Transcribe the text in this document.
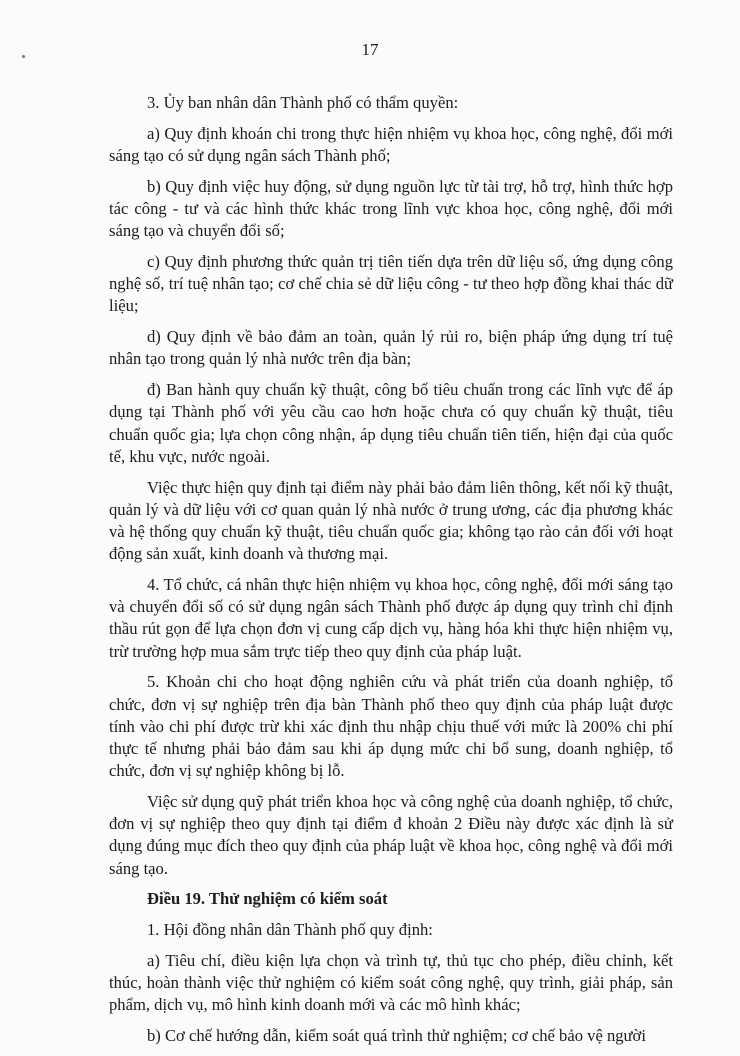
17

3. Ủy ban nhân dân Thành phố có thẩm quyền:

a) Quy định khoán chi trong thực hiện nhiệm vụ khoa học, công nghệ, đổi mới sáng tạo có sử dụng ngân sách Thành phố;

b) Quy định việc huy động, sử dụng nguồn lực từ tài trợ, hỗ trợ, hình thức hợp tác công - tư và các hình thức khác trong lĩnh vực khoa học, công nghệ, đổi mới sáng tạo và chuyển đổi số;

c) Quy định phương thức quản trị tiên tiến dựa trên dữ liệu số, ứng dụng công nghệ số, trí tuệ nhân tạo; cơ chế chia sẻ dữ liệu công - tư theo hợp đồng khai thác dữ liệu;

d) Quy định về bảo đảm an toàn, quản lý rủi ro, biện pháp ứng dụng trí tuệ nhân tạo trong quản lý nhà nước trên địa bàn;

đ) Ban hành quy chuẩn kỹ thuật, công bố tiêu chuẩn trong các lĩnh vực để áp dụng tại Thành phố với yêu cầu cao hơn hoặc chưa có quy chuẩn kỹ thuật, tiêu chuẩn quốc gia; lựa chọn công nhận, áp dụng tiêu chuẩn tiên tiến, hiện đại của quốc tế, khu vực, nước ngoài.

Việc thực hiện quy định tại điểm này phải bảo đảm liên thông, kết nối kỹ thuật, quản lý và dữ liệu với cơ quan quản lý nhà nước ở trung ương, các địa phương khác và hệ thống quy chuẩn kỹ thuật, tiêu chuẩn quốc gia; không tạo rào cản đối với hoạt động sản xuất, kinh doanh và thương mại.

4. Tổ chức, cá nhân thực hiện nhiệm vụ khoa học, công nghệ, đổi mới sáng tạo và chuyển đổi số có sử dụng ngân sách Thành phố được áp dụng quy trình chỉ định thầu rút gọn để lựa chọn đơn vị cung cấp dịch vụ, hàng hóa khi thực hiện nhiệm vụ, trừ trường hợp mua sắm trực tiếp theo quy định của pháp luật.

5. Khoản chi cho hoạt động nghiên cứu và phát triển của doanh nghiệp, tổ chức, đơn vị sự nghiệp trên địa bàn Thành phố theo quy định của pháp luật được tính vào chi phí được trừ khi xác định thu nhập chịu thuế với mức là 200% chi phí thực tế nhưng phải bảo đảm sau khi áp dụng mức chi bổ sung, doanh nghiệp, tổ chức, đơn vị sự nghiệp không bị lỗ.

Việc sử dụng quỹ phát triển khoa học và công nghệ của doanh nghiệp, tổ chức, đơn vị sự nghiệp theo quy định tại điểm đ khoản 2 Điều này được xác định là sử dụng đúng mục đích theo quy định của pháp luật về khoa học, công nghệ và đổi mới sáng tạo.

Điều 19. Thử nghiệm có kiểm soát

1. Hội đồng nhân dân Thành phố quy định:

a) Tiêu chí, điều kiện lựa chọn và trình tự, thủ tục cho phép, điều chỉnh, kết thúc, hoàn thành việc thử nghiệm có kiểm soát công nghệ, quy trình, giải pháp, sản phẩm, dịch vụ, mô hình kinh doanh mới và các mô hình khác;

b) Cơ chế hướng dẫn, kiểm soát quá trình thử nghiệm; cơ chế bảo vệ người
